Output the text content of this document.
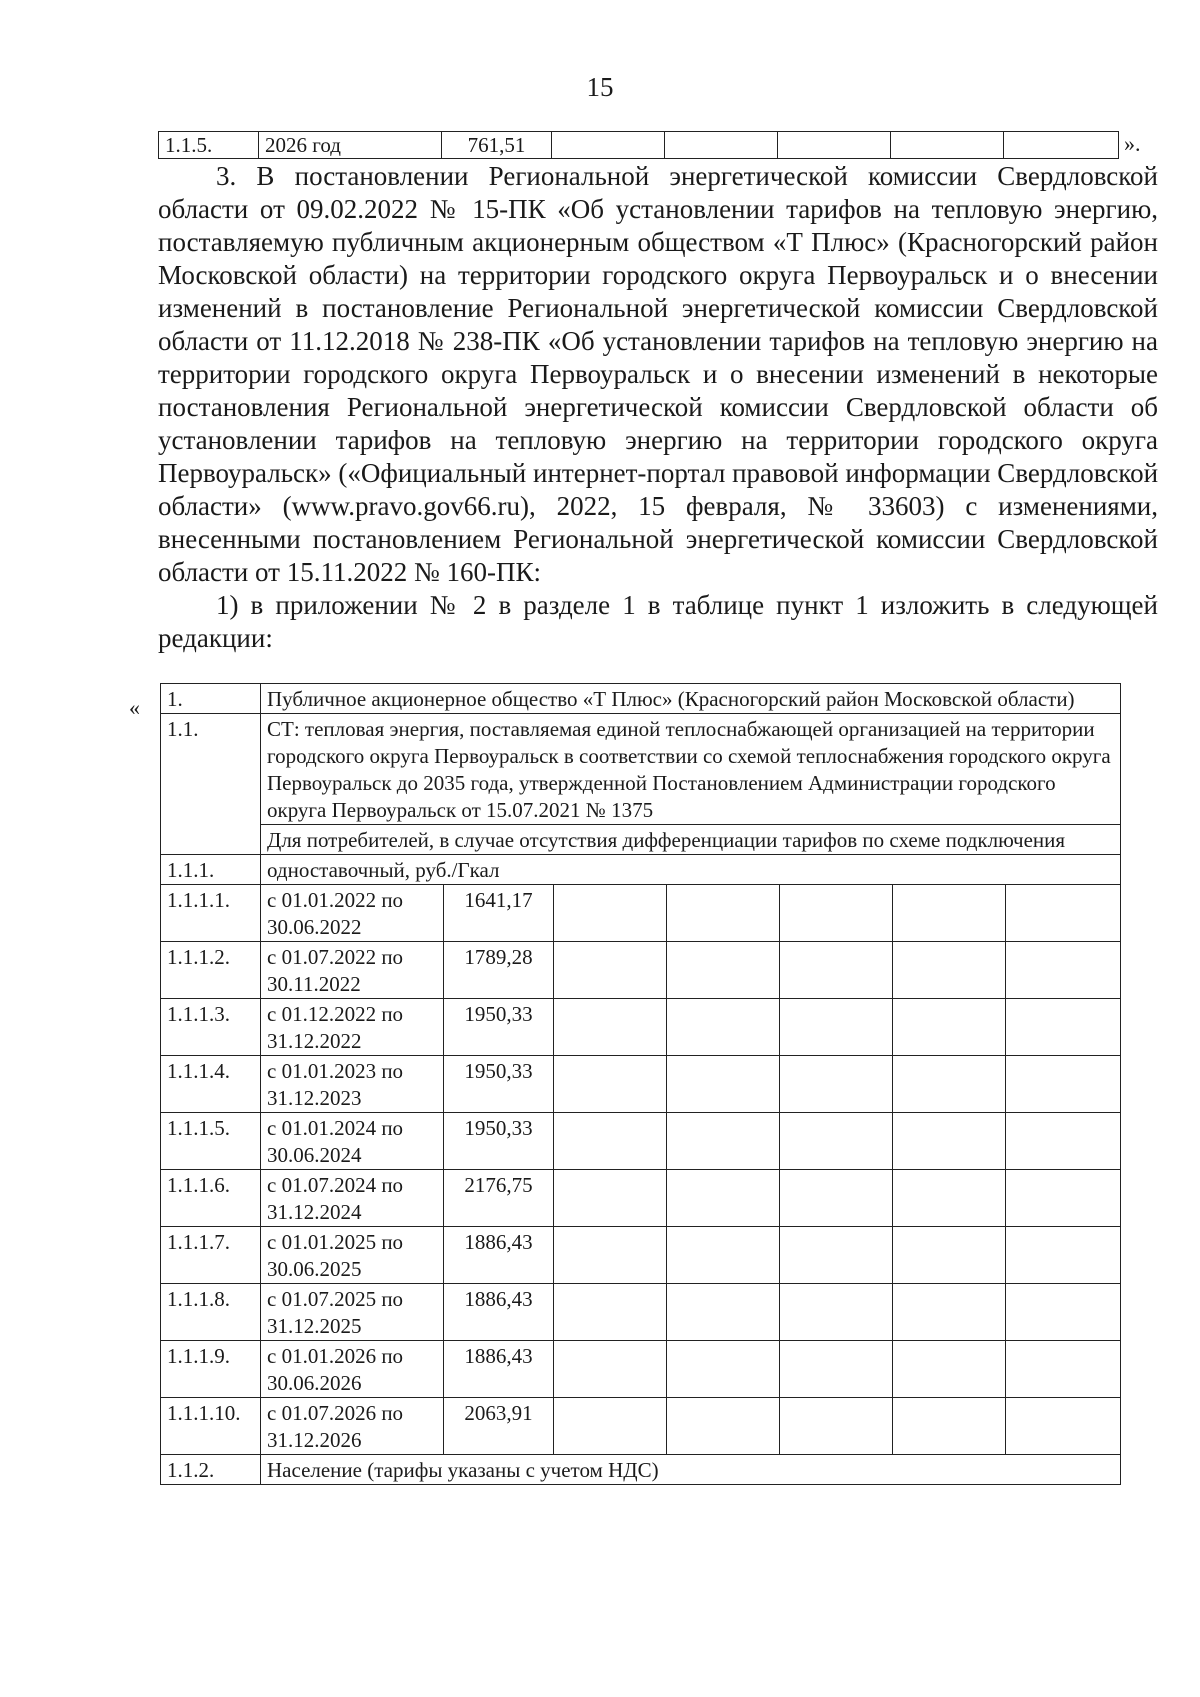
15
1.1.5.	2026 год	761,51						».

3. В постановлении Региональной энергетической комиссии Свердловской области от 09.02.2022 № 15-ПК «Об установлении тарифов на тепловую энергию, поставляемую публичным акционерным обществом «Т Плюс» (Красногорский район Московской области) на территории городского округа Первоуральск и о внесении изменений в постановление Региональной энергетической комиссии Свердловской области от 11.12.2018 № 238-ПК «Об установлении тарифов на тепловую энергию на территории городского округа Первоуральск и о внесении изменений в некоторые постановления Региональной энергетической комиссии Свердловской области об установлении тарифов на тепловую энергию на территории городского округа Первоуральск» («Официальный интернет-портал правовой информации Свердловской области» (www.pravo.gov66.ru), 2022, 15 февраля, № 33603) с изменениями, внесенными постановлением Региональной энергетической комиссии Свердловской области от 15.11.2022 № 160-ПК:

1) в приложении № 2 в разделе 1 в таблице пункт 1 изложить в следующей редакции:

« 1.	Публичное акционерное общество «Т Плюс» (Красногорский район Московской области)						
1.1.	СТ: тепловая энергия, поставляемая единой теплоснабжающей организацией на территории городского округа Первоуральск в соответствии со схемой теплоснабжения городского округа Первоуральск до 2035 года, утвержденной Постановлением Администрации городского округа Первоуральск от 15.07.2021 № 1375						
	Для потребителей, в случае отсутствия дифференциации тарифов по схеме подключения						
1.1.1.	одноставочный, руб./Гкал						
1.1.1.1.	с 01.01.2022 по 30.06.2022	1641,17					
1.1.1.2.	с 01.07.2022 по 30.11.2022	1789,28					
1.1.1.3.	с 01.12.2022 по 31.12.2022	1950,33					
1.1.1.4.	с 01.01.2023 по 31.12.2023	1950,33					
1.1.1.5.	с 01.01.2024 по 30.06.2024	1950,33					
1.1.1.6.	с 01.07.2024 по 31.12.2024	2176,75					
1.1.1.7.	с 01.01.2025 по 30.06.2025	1886,43					
1.1.1.8.	с 01.07.2025 по 31.12.2025	1886,43					
1.1.1.9.	с 01.01.2026 по 30.06.2026	1886,43					
1.1.1.10.	с 01.07.2026 по 31.12.2026	2063,91					
1.1.2.	Население (тарифы указаны с учетом НДС)						
